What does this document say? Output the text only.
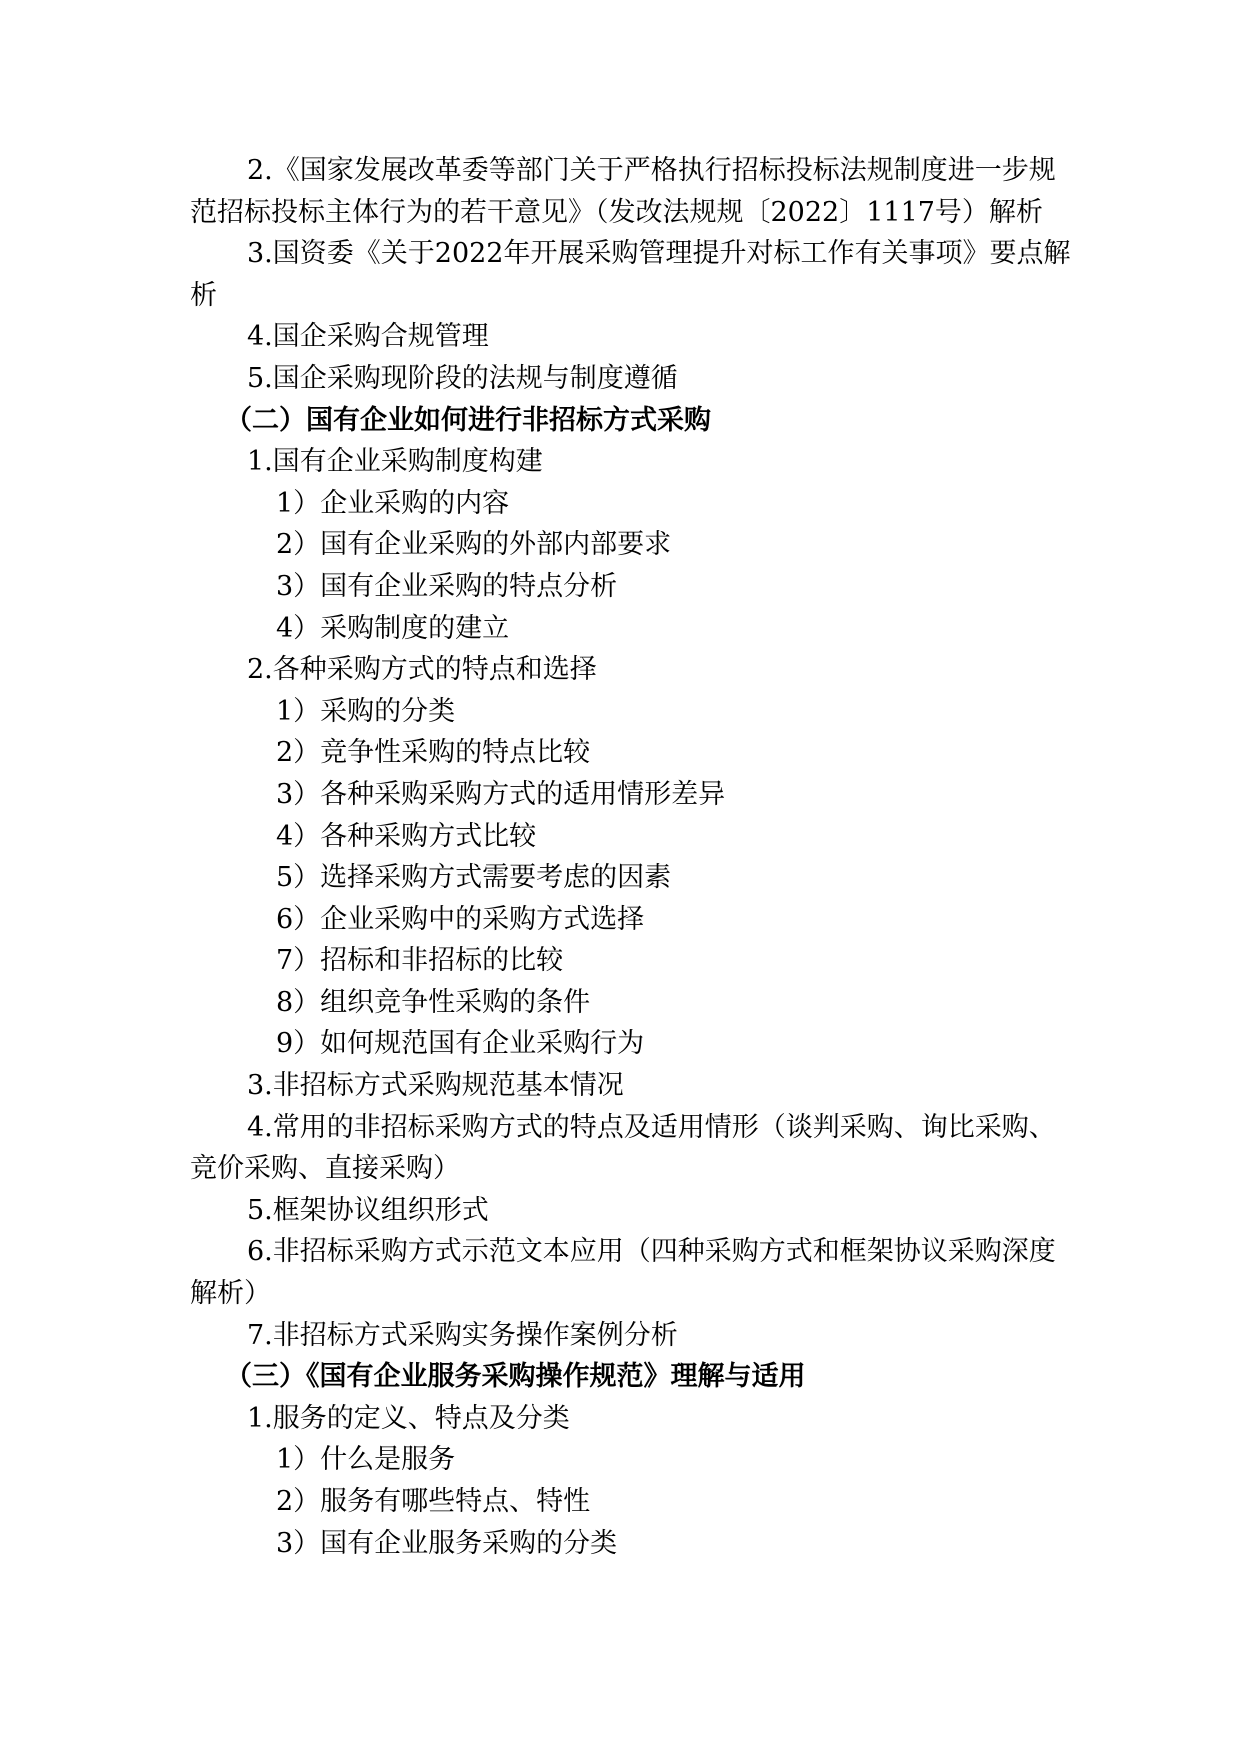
2.《国家发展改革委等部门关于严格执行招标投标法规制度进一步规范招标投标主体行为的若干意见》（发改法规规〔2022〕1117号）解析

3.国资委《关于2022年开展采购管理提升对标工作有关事项》要点解析

4.国企采购合规管理

5.国企采购现阶段的法规与制度遵循

（二）国有企业如何进行非招标方式采购

1.国有企业采购制度构建

1）企业采购的内容

2）国有企业采购的外部内部要求

3）国有企业采购的特点分析

4）采购制度的建立

2.各种采购方式的特点和选择

1）采购的分类

2）竞争性采购的特点比较

3）各种采购采购方式的适用情形差异

4）各种采购方式比较

5）选择采购方式需要考虑的因素

6）企业采购中的采购方式选择

7）招标和非招标的比较

8）组织竞争性采购的条件

9）如何规范国有企业采购行为

3.非招标方式采购规范基本情况

4.常用的非招标采购方式的特点及适用情形（谈判采购、询比采购、竞价采购、直接采购）

5.框架协议组织形式

6.非招标采购方式示范文本应用（四种采购方式和框架协议采购深度解析）

7.非招标方式采购实务操作案例分析

（三）《国有企业服务采购操作规范》理解与适用

1.服务的定义、特点及分类

1）什么是服务

2）服务有哪些特点、特性

3）国有企业服务采购的分类
